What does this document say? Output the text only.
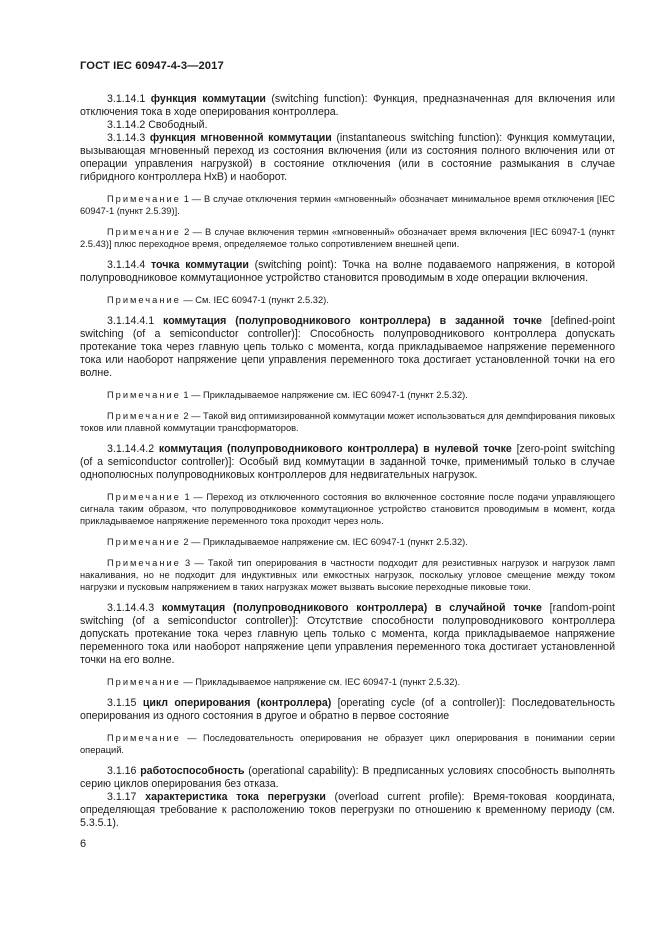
ГОСТ IEC 60947-4-3—2017

3.1.14.1 функция коммутации (switching function): Функция, предназначенная для включения или отключения тока в ходе оперирования контроллера.

3.1.14.2 Свободный.

3.1.14.3 функция мгновенной коммутации (instantaneous switching function): Функция коммутации, вызывающая мгновенный переход из состояния включения (или из состояния полного включения или от операции управления нагрузкой) в состояние отключения (или в состояние размыкания в случае гибридного контроллера НхВ) и наоборот.

Примечание 1 — В случае отключения термин «мгновенный» обозначает минимальное время отключения [IEC 60947-1 (пункт 2.5.39)].

Примечание 2 — В случае включения термин «мгновенный» обозначает время включения [IEC 60947-1 (пункт 2.5.43)] плюс переходное время, определяемое только сопротивлением внешней цепи.

3.1.14.4 точка коммутации (switching point): Точка на волне подаваемого напряжения, в которой полупроводниковое коммутационное устройство становится проводимым в ходе операции включения.

Примечание — См. IEC 60947-1 (пункт 2.5.32).

3.1.14.4.1 коммутация (полупроводникового контроллера) в заданной точке [defined-point switching (of a semiconductor controller)]: Способность полупроводникового контроллера допускать протекание тока через главную цепь только с момента, когда прикладываемое напряжение переменного тока или наоборот напряжение цепи управления переменного тока достигает установленной точки на его волне.

Примечание 1 — Прикладываемое напряжение см. IEC 60947-1 (пункт 2.5.32).

Примечание 2 — Такой вид оптимизированной коммутации может использоваться для демпфирования пиковых токов или плавной коммутации трансформаторов.

3.1.14.4.2 коммутация (полупроводникового контроллера) в нулевой точке [zero-point switching (of a semiconductor controller)]: Особый вид коммутации в заданной точке, применимый только в случае однополюсных полупроводниковых контроллеров для недвигательных нагрузок.

Примечание 1 — Переход из отключенного состояния во включенное состояние после подачи управляющего сигнала таким образом, что полупроводниковое коммутационное устройство становится проводимым в момент, когда прикладываемое напряжение переменного тока проходит через ноль.

Примечание 2 — Прикладываемое напряжение см. IEC 60947-1 (пункт 2.5.32).

Примечание 3 — Такой тип оперирования в частности подходит для резистивных нагрузок и нагрузок ламп накаливания, но не подходит для индуктивных или емкостных нагрузок, поскольку угловое смещение между током нагрузки и пусковым напряжением в таких нагрузках может вызвать высокие переходные пиковые токи.

3.1.14.4.3 коммутация (полупроводникового контроллера) в случайной точке [random-point switching (of a semiconductor controller)]: Отсутствие способности полупроводникового контроллера допускать протекание тока через главную цепь только с момента, когда прикладываемое напряжение переменного тока или наоборот напряжение цепи управления переменного тока достигает установленной точки на его волне.

Примечание — Прикладываемое напряжение см. IEC 60947-1 (пункт 2.5.32).

3.1.15 цикл оперирования (контроллера) [operating cycle (of a controller)]: Последовательность оперирования из одного состояния в другое и обратно в первое состояние

Примечание — Последовательность оперирования не образует цикл оперирования в понимании серии операций.

3.1.16 работоспособность (operational capability): В предписанных условиях способность выполнять серию циклов оперирования без отказа.

3.1.17 характеристика тока перегрузки (overload current profile): Время-токовая координата, определяющая требование к расположению токов перегрузки по отношению к временному периоду (см. 5.3.5.1).

6
